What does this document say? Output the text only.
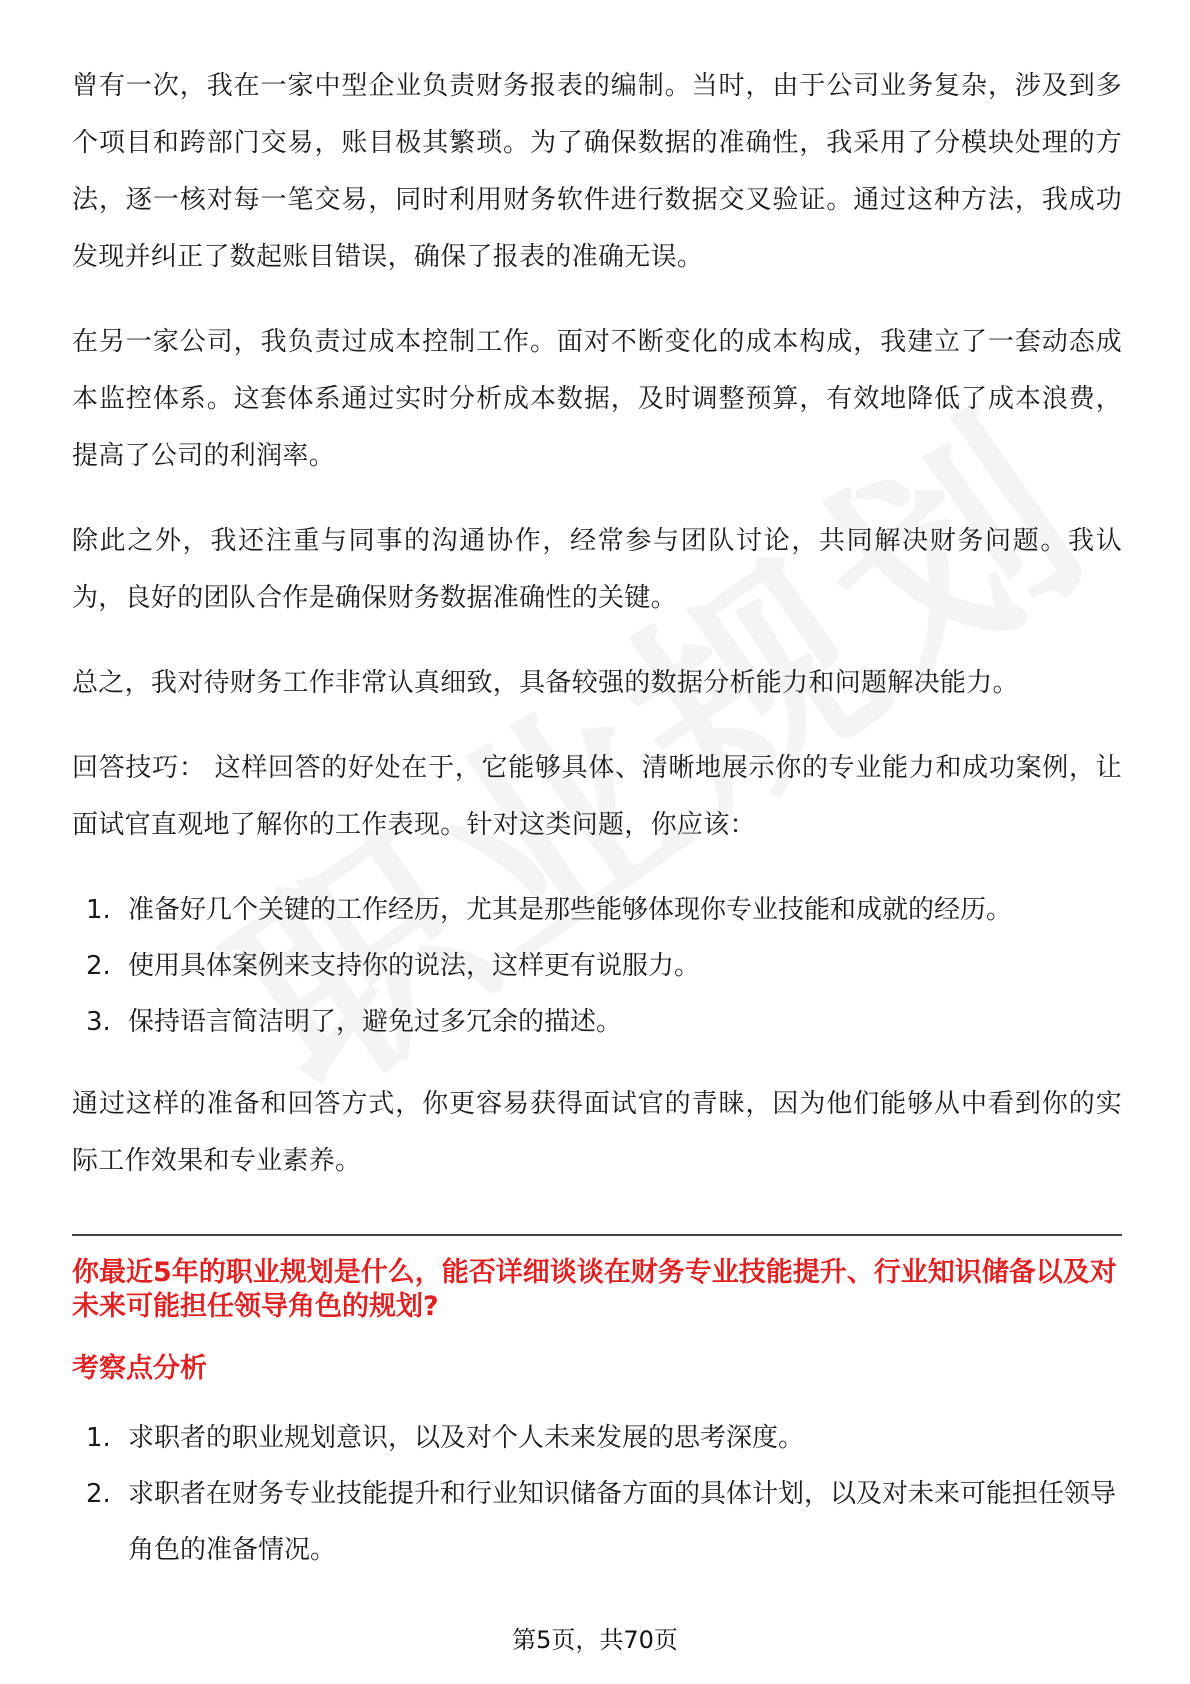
曾有一次，我在一家中型企业负责财务报表的编制。当时，由于公司业务复杂，涉及到多个项目和跨部门交易，账目极其繁琐。为了确保数据的准确性，我采用了分模块处理的方法，逐一核对每一笔交易，同时利用财务软件进行数据交叉验证。通过这种方法，我成功发现并纠正了数起账目错误，确保了报表的准确无误。

在另一家公司，我负责过成本控制工作。面对不断变化的成本构成，我建立了一套动态成本监控体系。这套体系通过实时分析成本数据，及时调整预算，有效地降低了成本浪费，提高了公司的利润率。

除此之外，我还注重与同事的沟通协作，经常参与团队讨论，共同解决财务问题。我认为，良好的团队合作是确保财务数据准确性的关键。

总之，我对待财务工作非常认真细致，具备较强的数据分析能力和问题解决能力。

回答技巧： 这样回答的好处在于，它能够具体、清晰地展示你的专业能力和成功案例，让面试官直观地了解你的工作表现。针对这类问题，你应该：

1. 准备好几个关键的工作经历，尤其是那些能够体现你专业技能和成就的经历。
2. 使用具体案例来支持你的说法，这样更有说服力。
3. 保持语言简洁明了，避免过多冗余的描述。

通过这样的准备和回答方式，你更容易获得面试官的青睐，因为他们能够从中看到你的实际工作效果和专业素养。

你最近5年的职业规划是什么，能否详细谈谈在财务专业技能提升、行业知识储备以及对未来可能担任领导角色的规划?
考察点分析
1. 求职者的职业规划意识，以及对个人未来发展的思考深度。
2. 求职者在财务专业技能提升和行业知识储备方面的具体计划，以及对未来可能担任领导角色的准备情况。
第5页，共70页
